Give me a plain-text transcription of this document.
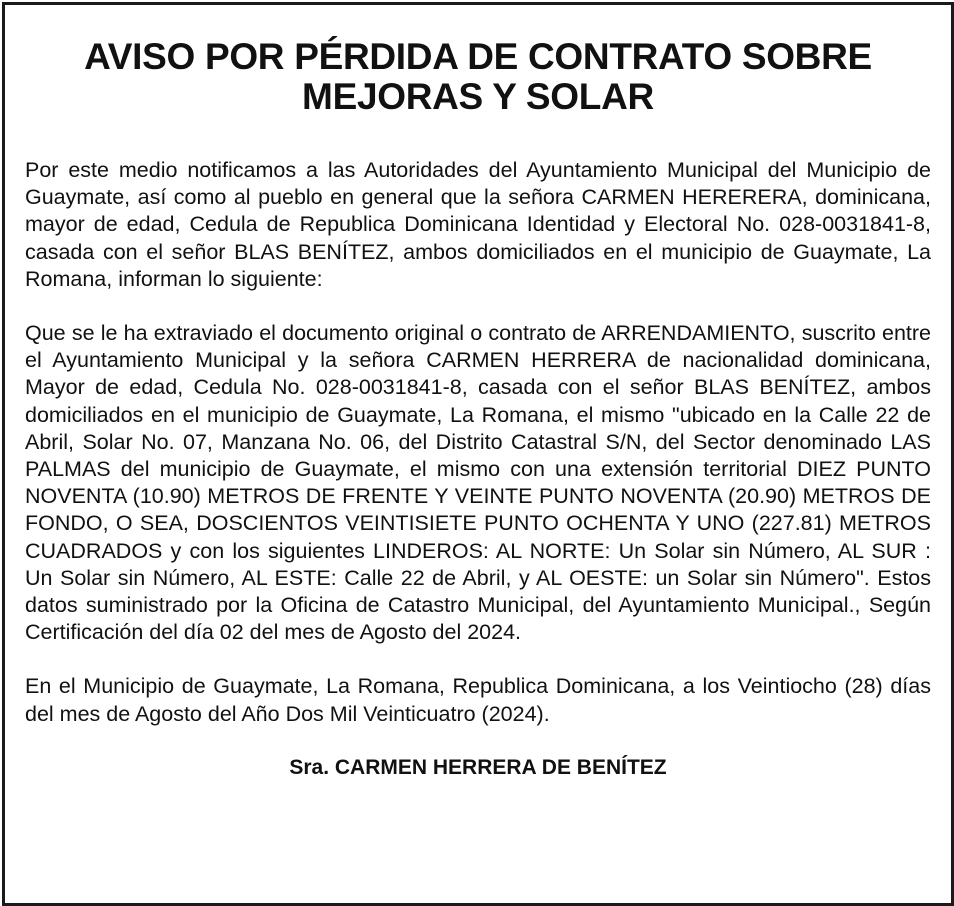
AVISO POR PÉRDIDA DE CONTRATO SOBRE MEJORAS Y SOLAR

Por este medio notificamos a las Autoridades del Ayuntamiento Municipal del Municipio de Guaymate, así como al pueblo en general que la señora CARMEN HERERERA, dominicana, mayor de edad, Cedula de Republica Dominicana Identidad y Electoral No. 028-0031841-8, casada con el señor BLAS BENÍTEZ, ambos domiciliados en el municipio de Guaymate, La Romana, informan lo siguiente:

Que se le ha extraviado el documento original o contrato de ARRENDAMIENTO, suscrito entre el Ayuntamiento Municipal y la señora CARMEN HERRERA de nacionalidad dominicana, Mayor de edad, Cedula No. 028-0031841-8, casada con el señor BLAS BENÍTEZ, ambos domiciliados en el municipio de Guaymate, La Romana, el mismo "ubicado en la Calle 22 de Abril, Solar No. 07, Manzana No. 06, del Distrito Catastral S/N, del Sector denominado LAS PALMAS del municipio de Guaymate, el mismo con una extensión territorial DIEZ PUNTO NOVENTA (10.90) METROS DE FRENTE Y VEINTE PUNTO NOVENTA (20.90) METROS DE FONDO, O SEA, DOSCIENTOS VEINTISIETE PUNTO OCHENTA Y UNO (227.81) METROS CUADRADOS y con los siguientes LINDEROS: AL NORTE: Un Solar sin Número, AL SUR : Un Solar sin Número, AL ESTE: Calle 22 de Abril, y AL OESTE: un Solar sin Número". Estos datos suministrado por la Oficina de Catastro Municipal, del Ayuntamiento Municipal., Según Certificación del día 02 del mes de Agosto del 2024.

En el Municipio de Guaymate, La Romana, Republica Dominicana, a los Veintiocho (28) días del mes de Agosto del Año Dos Mil Veinticuatro (2024).

Sra. CARMEN HERRERA DE BENÍTEZ
